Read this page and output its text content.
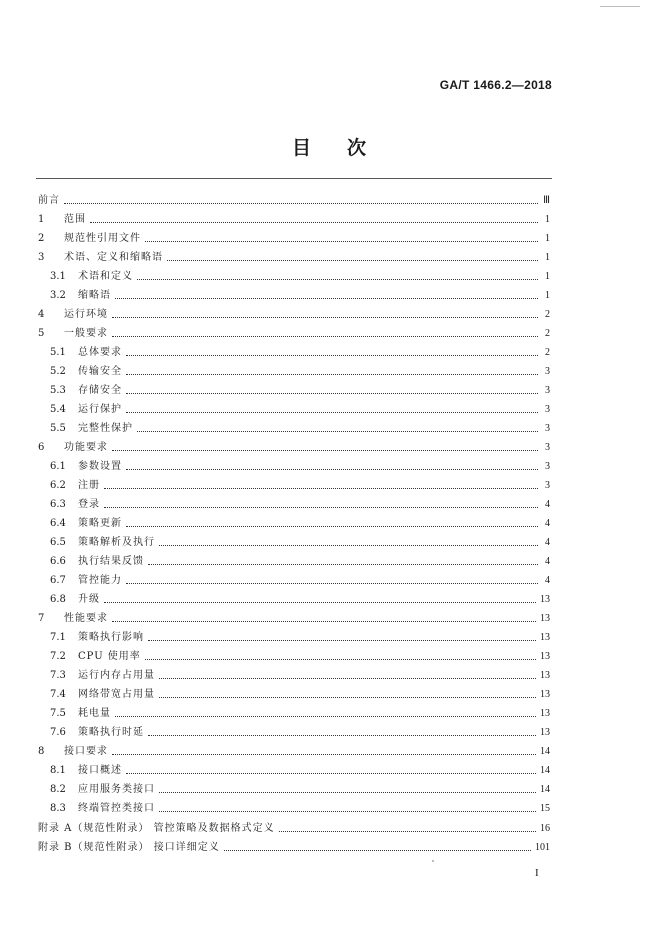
GA/T 1466.2—2018
目 次
前言	Ⅲ
1	范围	1
2	规范性引用文件	1
3	术语、定义和缩略语	1
3.1	术语和定义	1
3.2	缩略语	1
4	运行环境	2
5	一般要求	2
5.1	总体要求	2
5.2	传输安全	3
5.3	存储安全	3
5.4	运行保护	3
5.5	完整性保护	3
6	功能要求	3
6.1	参数设置	3
6.2	注册	3
6.3	登录	4
6.4	策略更新	4
6.5	策略解析及执行	4
6.6	执行结果反馈	4
6.7	管控能力	4
6.8	升级	13
7	性能要求	13
7.1	策略执行影响	13
7.2	CPU 使用率	13
7.3	运行内存占用量	13
7.4	网络带宽占用量	13
7.5	耗电量	13
7.6	策略执行时延	13
8	接口要求	14
8.1	接口概述	14
8.2	应用服务类接口	14
8.3	终端管控类接口	15
附录 A（规范性附录） 管控策略及数据格式定义	16
附录 B（规范性附录） 接口详细定义	101
I
